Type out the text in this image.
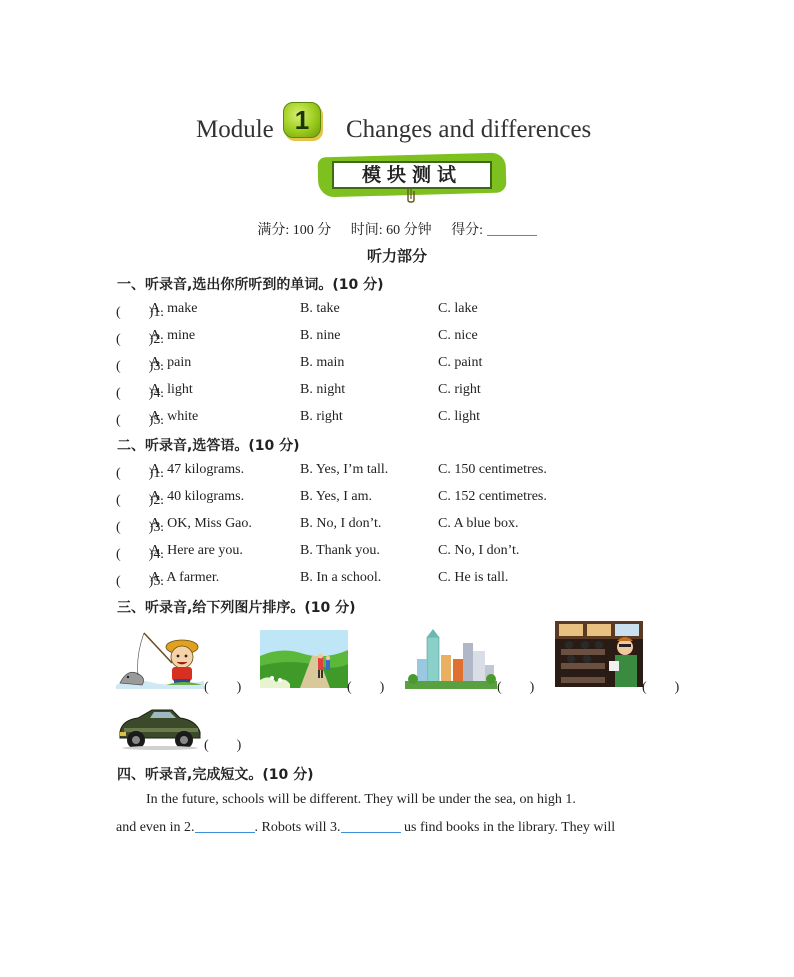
Module 1	Changes and differences
模块测试
满分: 100 分 时间: 60 分钟 得分:
听力部分
一、听录音,选出你所听到的单词。(10 分)
(　　)1.
A. make	B. take	C. lake
(　　)2.
A. mine	B. nine	C. nice
(　　)3.
A. pain	B. main	C. paint
(　　)4.
A. light	B. night	C. right
(　　)5.
A. white	B. right	C. light
二、听录音,选答语。(10 分)
(　　)1.
A. 47 kilograms.	B. Yes, I’m tall.	C. 150 centimetres.
(　　)2.
A. 40 kilograms.	B. Yes, I am.	C. 152 centimetres.
(　　)3.
A. OK, Miss Gao.	B. No, I don’t.	C. A blue box.
(　　)4.
A. Here are you.	B. Thank you.	C. No, I don’t.
(　　)5.
A. A farmer.	B. In a school.	C. He is tall.
三、听录音,给下列图片排序。(10 分)
(　　)	(　　)	(　　)	(　　)
(　　)
四、听录音,完成短文。(10 分)
In the future, schools will be different. They will be under the sea, on high 1.
and even in 2.	. Robots will 3.	us find books in the library. They will
